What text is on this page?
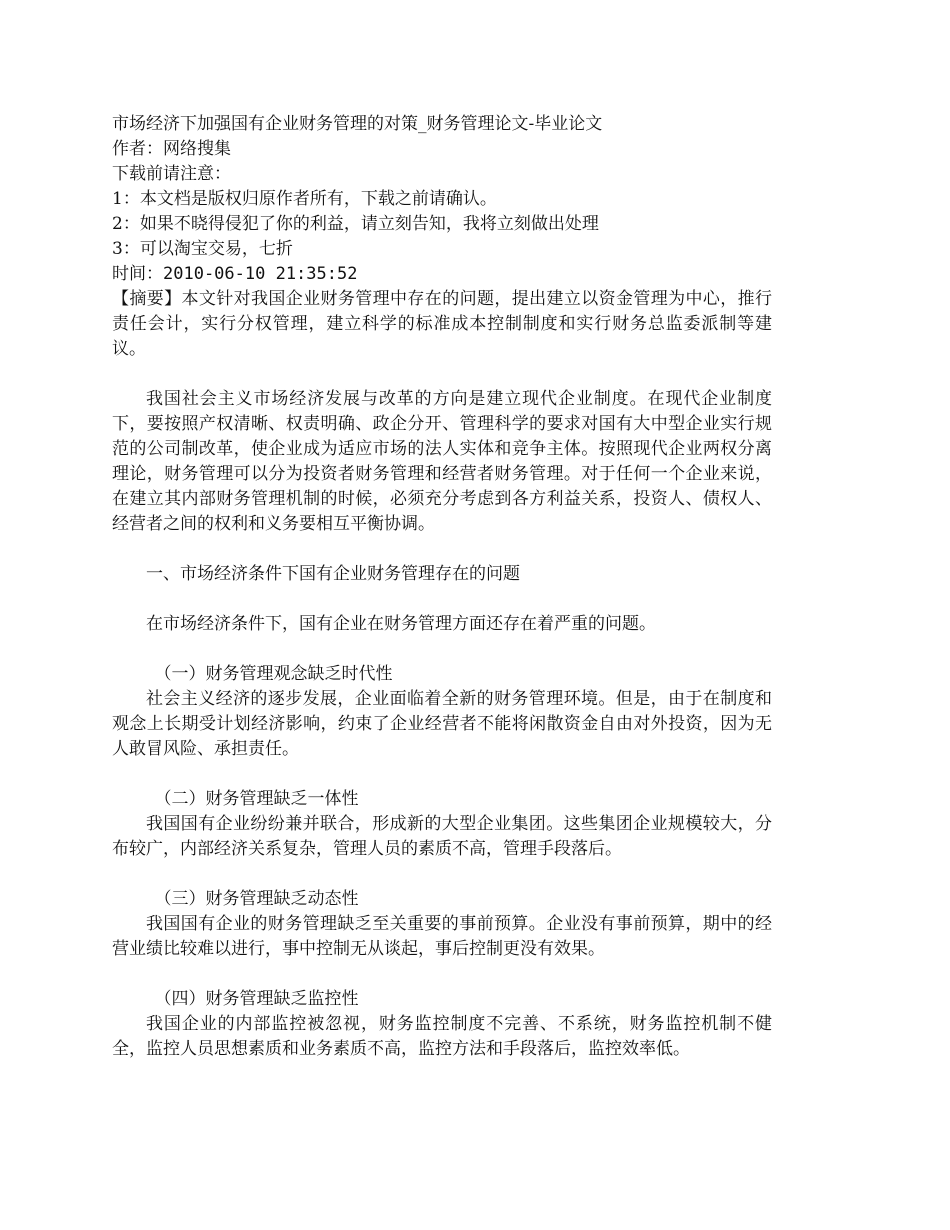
市场经济下加强国有企业财务管理的对策_财务管理论文-毕业论文
作者：网络搜集
下载前请注意：
1：本文档是版权归原作者所有，下载之前请确认。
2：如果不晓得侵犯了你的利益，请立刻告知，我将立刻做出处理
3：可以淘宝交易，七折
时间：2010-06-10 21:35:52

【摘要】本文针对我国企业财务管理中存在的问题，提出建立以资金管理为中心，推行责任会计，实行分权管理，建立科学的标准成本控制制度和实行财务总监委派制等建议。

我国社会主义市场经济发展与改革的方向是建立现代企业制度。在现代企业制度下，要按照产权清晰、权责明确、政企分开、管理科学的要求对国有大中型企业实行规范的公司制改革，使企业成为适应市场的法人实体和竞争主体。按照现代企业两权分离理论，财务管理可以分为投资者财务管理和经营者财务管理。对于任何一个企业来说，在建立其内部财务管理机制的时候，必须充分考虑到各方利益关系，投资人、债权人、经营者之间的权利和义务要相互平衡协调。

一、市场经济条件下国有企业财务管理存在的问题

在市场经济条件下，国有企业在财务管理方面还存在着严重的问题。

（一）财务管理观念缺乏时代性

社会主义经济的逐步发展，企业面临着全新的财务管理环境。但是，由于在制度和观念上长期受计划经济影响，约束了企业经营者不能将闲散资金自由对外投资，因为无人敢冒风险、承担责任。

（二）财务管理缺乏一体性

我国国有企业纷纷兼并联合，形成新的大型企业集团。这些集团企业规模较大，分布较广，内部经济关系复杂，管理人员的素质不高，管理手段落后。

（三）财务管理缺乏动态性

我国国有企业的财务管理缺乏至关重要的事前预算。企业没有事前预算，期中的经营业绩比较难以进行，事中控制无从谈起，事后控制更没有效果。

（四）财务管理缺乏监控性

我国企业的内部监控被忽视，财务监控制度不完善、不系统，财务监控机制不健全，监控人员思想素质和业务素质不高，监控方法和手段落后，监控效率低。
